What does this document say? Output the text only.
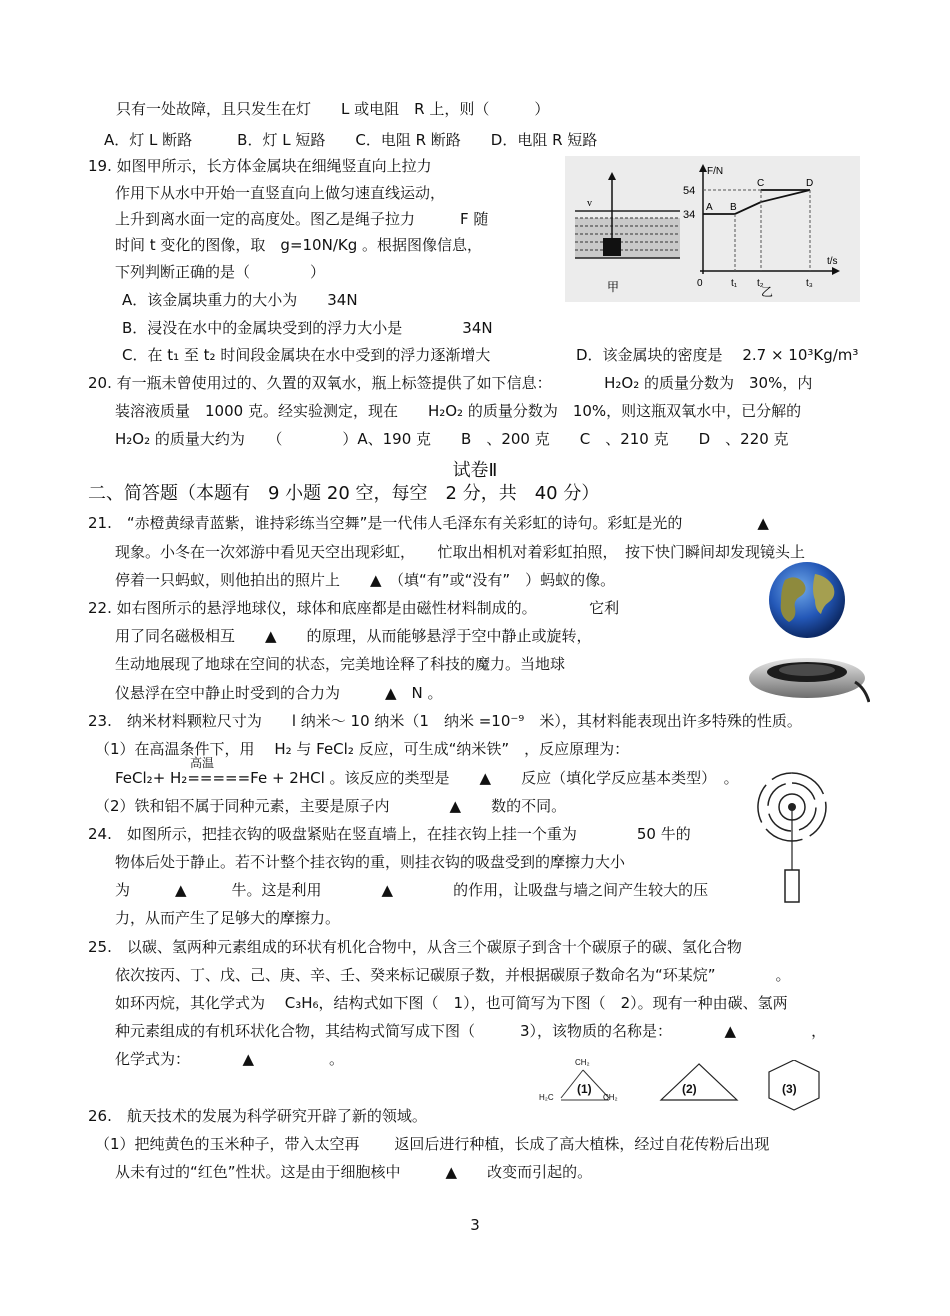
只有一处故障，且只发生在灯　　L 或电阻　R 上，则（　　　）
A．灯 L 断路　　　B．灯 L 短路　　C．电阻 R 断路　　D．电阻 R 短路
19. 如图甲所示，长方体金属块在细绳竖直向上拉力
作用下从水中开始一直竖直向上做匀速直线运动，
上升到离水面一定的高度处。图乙是绳子拉力　　　F 随
时间 t 变化的图像，取　g=10N/Kg 。根据图像信息，
下列判断正确的是（　　　　）
A．该金属块重力的大小为　　34N
B．浸没在水中的金属块受到的浮力大小是　　　　34N
C．在 t₁ 至 t₂ 时间段金属块在水中受到的浮力逐渐增大	D．该金属块的密度是　 2.7 × 10³Kg/m³
20. 有一瓶未曾使用过的、久置的双氧水，瓶上标签提供了如下信息：　　　　H₂O₂ 的质量分数为　30%，内
装溶液质量　1000 克。经实验测定，现在　　H₂O₂ 的质量分数为　10%，则这瓶双氧水中，已分解的
H₂O₂ 的质量大约为　　（　　　　）A、190 克　　B　、200 克　　C　、210 克　　D　、220 克
试卷Ⅱ
二、简答题（本题有　9 小题 20 空，每空　2 分，共　40 分）
21.　“赤橙黄绿青蓝紫，谁持彩练当空舞”是一代伟人毛泽东有关彩虹的诗句。彩虹是光的　　　　　▲
现象。小冬在一次郊游中看见天空出现彩虹，　　忙取出相机对着彩虹拍照，　按下快门瞬间却发现镜头上
停着一只蚂蚁，则他拍出的照片上　　▲　（填“有”或“没有”　）蚂蚁的像。
22. 如右图所示的悬浮地球仪，球体和底座都是由磁性材料制成的。　　　　它利
用了同名磁极相互　　▲　　的原理，从而能够悬浮于空中静止或旋转，
生动地展现了地球在空间的状态，完美地诠释了科技的魔力。当地球
仪悬浮在空中静止时受到的合力为　　　▲　N 。
23.　纳米材料颗粒尺寸为　　l 纳米～ 10 纳米（1　纳米 =10⁻⁹　米），其材料能表现出许多特殊的性质。
（1）在高温条件下，用　 H₂ 与 FeCl₂ 反应，可生成“纳米铁”　，反应原理为：
高温
FeCl₂+ H₂=====Fe + 2HCl 。该反应的类型是　　▲　　反应（填化学反应基本类型）　。
（2）铁和铝不属于同种元素，主要是原子内　　　　▲　　数的不同。
24.　如图所示，把挂衣钩的吸盘紧贴在竖直墙上，在挂衣钩上挂一个重为　　　　50 牛的
物体后处于静止。若不计整个挂衣钩的重，则挂衣钩的吸盘受到的摩擦力大小
为　　　▲　　　牛。这是利用　　　　▲　　　　的作用，让吸盘与墙之间产生较大的压
力，从而产生了足够大的摩擦力。
25.　以碳、氢两种元素组成的环状有机化合物中，从含三个碳原子到含十个碳原子的碳、氢化合物
依次按丙、丁、戊、己、庚、辛、壬、癸来标记碳原子数，并根据碳原子数命名为“环某烷”　　　　。
如环丙烷，其化学式为　 C₃H₆，结构式如下图（　1），也可简写为下图（　2）。现有一种由碳、氢两
种元素组成的有机环状化合物，其结构式简写成下图（　　　3），该物质的名称是：　　　　▲　　　　　，
化学式为：　　　　▲　　　　　。
26.　航天技术的发展为科学研究开辟了新的领域。
（1）把纯黄色的玉米种子，带入太空再　　 返回后进行种植，长成了高大植株，经过自花传粉后出现
从未有过的“红色”性状。这是由于细胞核中　　　▲　　改变而引起的。
3
v
甲
F/N
t/s
54
34
0	t₁ t₂	t₃
A B
C	D
乙
CH₂
H₂C	CH₂
(1)	(2)	(3)
